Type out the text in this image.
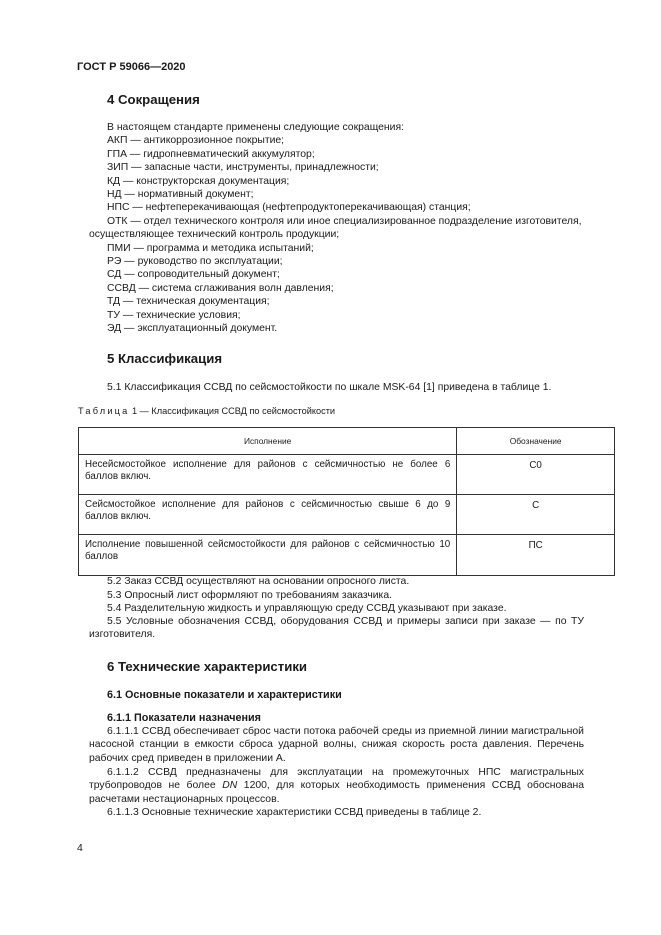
ГОСТ Р 59066—2020
4 Сокращения
В настоящем стандарте применены следующие сокращения:
АКП — антикоррозионное покрытие;
ГПА — гидропневматический аккумулятор;
ЗИП — запасные части, инструменты, принадлежности;
КД — конструкторская документация;
НД — нормативный документ;
НПС — нефтеперекачивающая (нефтепродуктоперекачивающая) станция;
ОТК — отдел технического контроля или иное специализированное подразделение изготовителя,
осуществляющее технический контроль продукции;
ПМИ — программа и методика испытаний;
РЭ — руководство по эксплуатации;
СД — сопроводительный документ;
ССВД — система сглаживания волн давления;
ТД — техническая документация;
ТУ — технические условия;
ЭД — эксплуатационный документ.
5 Классификация
5.1 Классификация ССВД по сейсмостойкости по шкале MSK-64 [1] приведена в таблице 1.
Таблица 1 — Классификация ССВД по сейсмостойкости
Исполнение	Обозначение
Несейсмостойкое исполнение для районов с сейсмичностью не более 6 баллов включ.	С0
Сейсмостойкое исполнение для районов с сейсмичностью свыше 6 до 9 баллов включ.	С
Исполнение повышенной сейсмостойкости для районов с сейсмичностью 10 баллов	ПС
5.2 Заказ ССВД осуществляют на основании опросного листа.
5.3 Опросный лист оформляют по требованиям заказчика.
5.4 Разделительную жидкость и управляющую среду ССВД указывают при заказе.
5.5 Условные обозначения ССВД, оборудования ССВД и примеры записи при заказе — по ТУ изготовителя.
6 Технические характеристики
6.1 Основные показатели и характеристики
6.1.1 Показатели назначения
6.1.1.1 ССВД обеспечивает сброс части потока рабочей среды из приемной линии магистральной насосной станции в емкости сброса ударной волны, снижая скорость роста давления. Перечень рабочих сред приведен в приложении А.
6.1.1.2 ССВД предназначены для эксплуатации на промежуточных НПС магистральных трубопроводов не более DN 1200, для которых необходимость применения ССВД обоснована расчетами нестационарных процессов.
6.1.1.3 Основные технические характеристики ССВД приведены в таблице 2.
4
